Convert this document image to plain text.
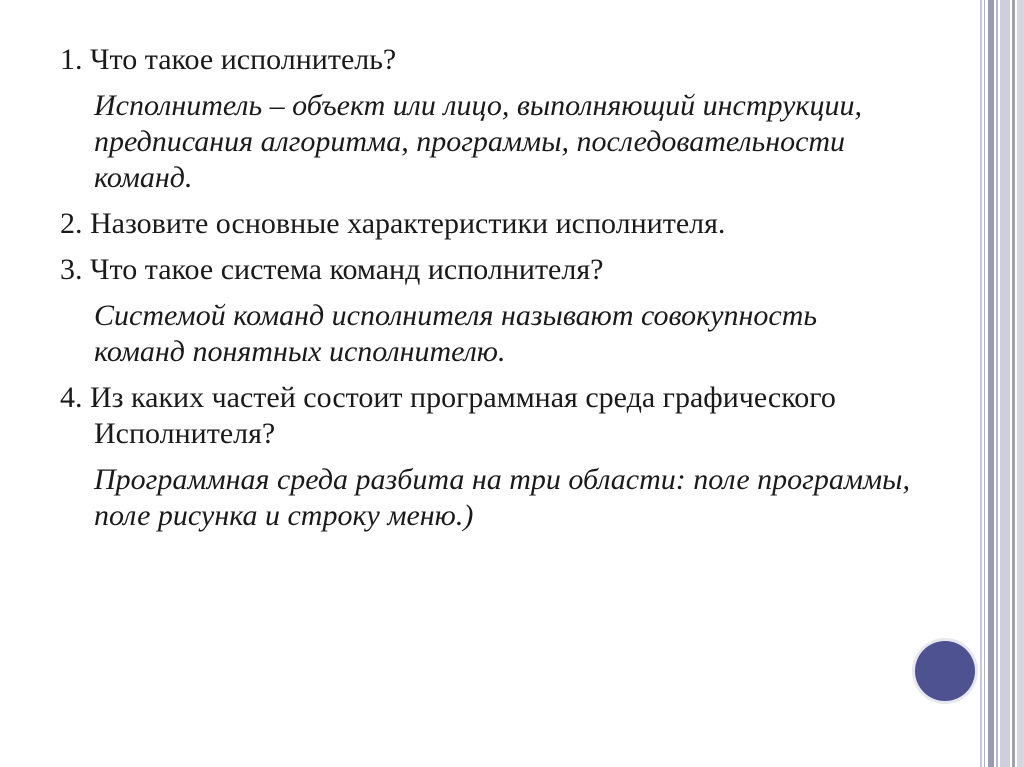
1. Что такое исполнитель?

Исполнитель – объект или лицо, выполняющий инструкции, предписания алгоритма, программы, последовательности команд.

2. Назовите основные характеристики исполнителя.

3. Что такое система команд исполнителя?

Системой команд исполнителя называют совокупность команд понятных исполнителю.

4. Из каких частей состоит программная среда графического Исполнителя?

Программная среда разбита на три области: поле программы, поле рисунка и строку меню.)
